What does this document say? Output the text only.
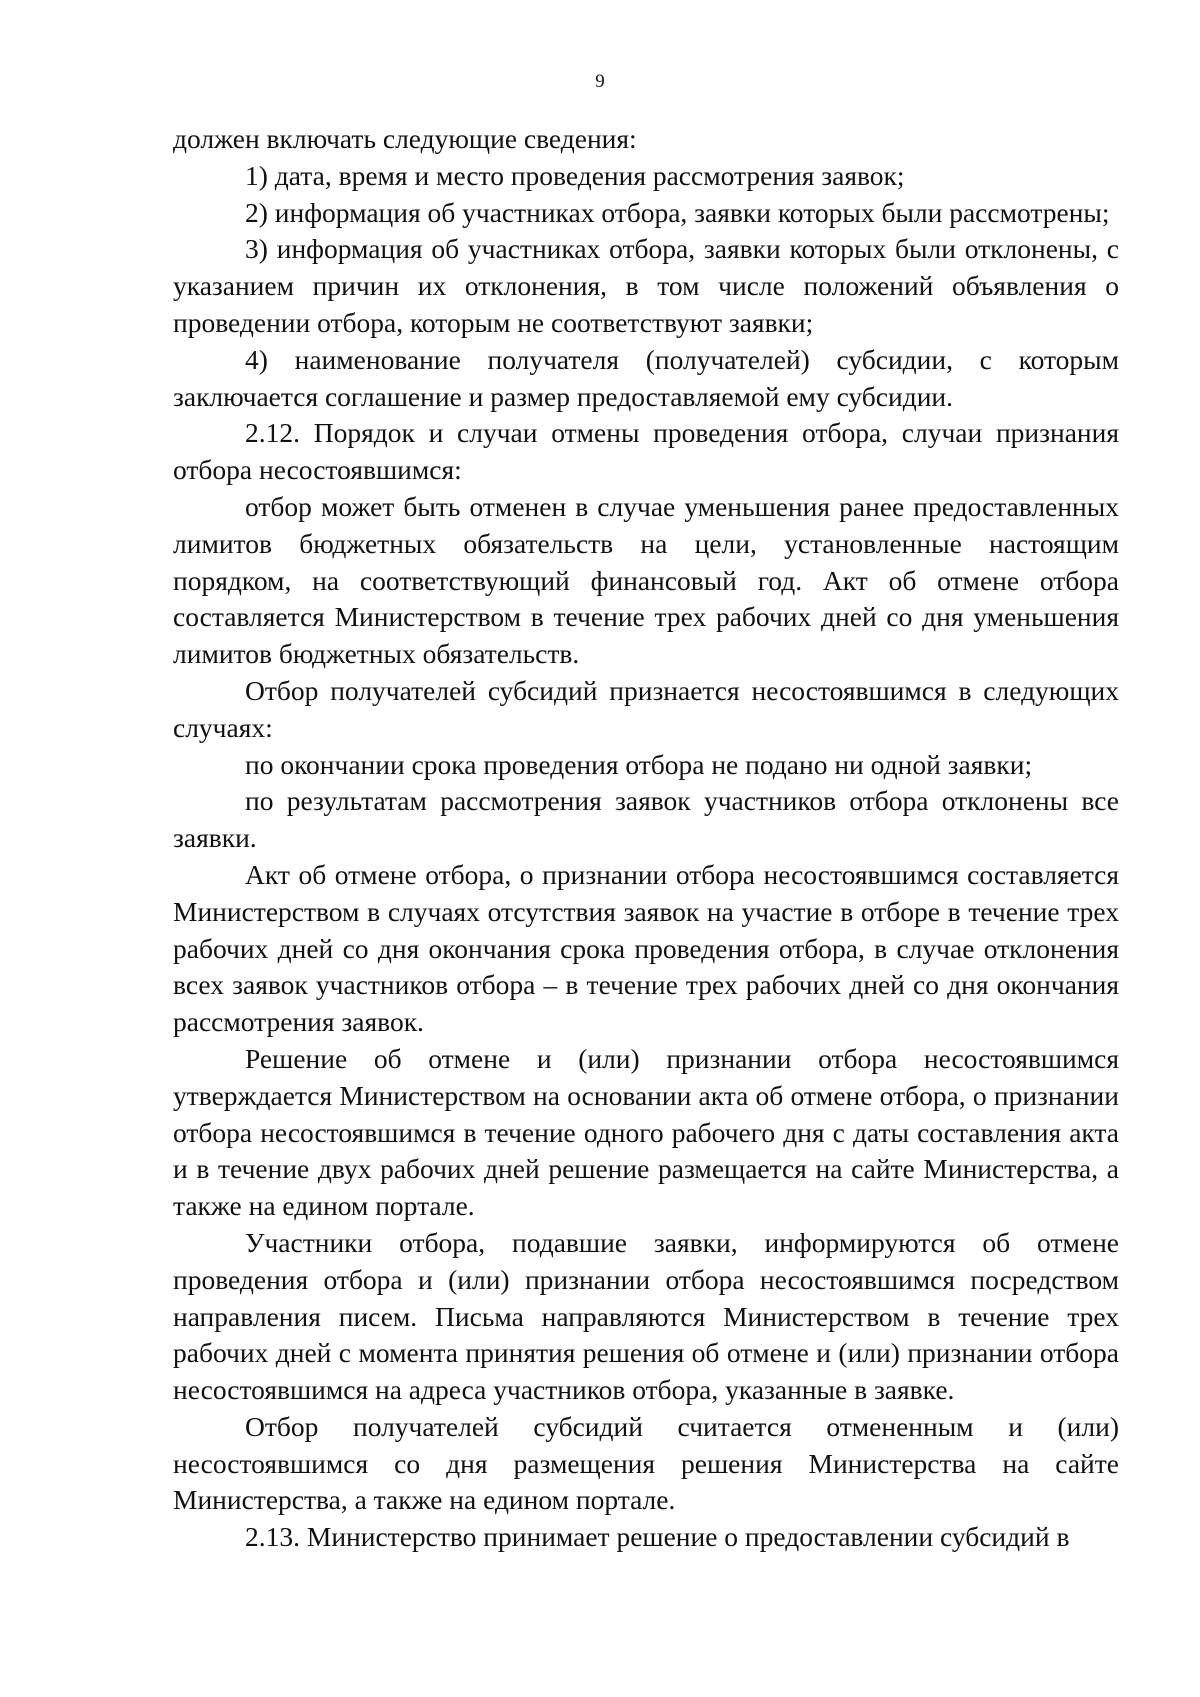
9

должен включать следующие сведения:

1) дата, время и место проведения рассмотрения заявок;

2) информация об участниках отбора, заявки которых были рассмотрены;

3) информация об участниках отбора, заявки которых были отклонены, с указанием причин их отклонения, в том числе положений объявления о проведении отбора, которым не соответствуют заявки;

4) наименование получателя (получателей) субсидии, с которым заключается соглашение и размер предоставляемой ему субсидии.

2.12. Порядок и случаи отмены проведения отбора, случаи признания отбора несостоявшимся:

отбор может быть отменен в случае уменьшения ранее предоставленных лимитов бюджетных обязательств на цели, установленные настоящим порядком, на соответствующий финансовый год. Акт об отмене отбора составляется Министерством в течение трех рабочих дней со дня уменьшения лимитов бюджетных обязательств.

Отбор получателей субсидий признается несостоявшимся в следующих случаях:

по окончании срока проведения отбора не подано ни одной заявки;

по результатам рассмотрения заявок участников отбора отклонены все заявки.

Акт об отмене отбора, о признании отбора несостоявшимся составляется Министерством в случаях отсутствия заявок на участие в отборе в течение трех рабочих дней со дня окончания срока проведения отбора, в случае отклонения всех заявок участников отбора – в течение трех рабочих дней со дня окончания рассмотрения заявок.

Решение об отмене и (или) признании отбора несостоявшимся утверждается Министерством на основании акта об отмене отбора, о признании отбора несостоявшимся в течение одного рабочего дня с даты составления акта и в течение двух рабочих дней решение размещается на сайте Министерства, а также на едином портале.

Участники отбора, подавшие заявки, информируются об отмене проведения отбора и (или) признании отбора несостоявшимся посредством направления писем. Письма направляются Министерством в течение трех рабочих дней с момента принятия решения об отмене и (или) признании отбора несостоявшимся на адреса участников отбора, указанные в заявке.

Отбор получателей субсидий считается отмененным и (или) несостоявшимся со дня размещения решения Министерства на сайте Министерства, а также на едином портале.

2.13. Министерство принимает решение о предоставлении субсидий в
